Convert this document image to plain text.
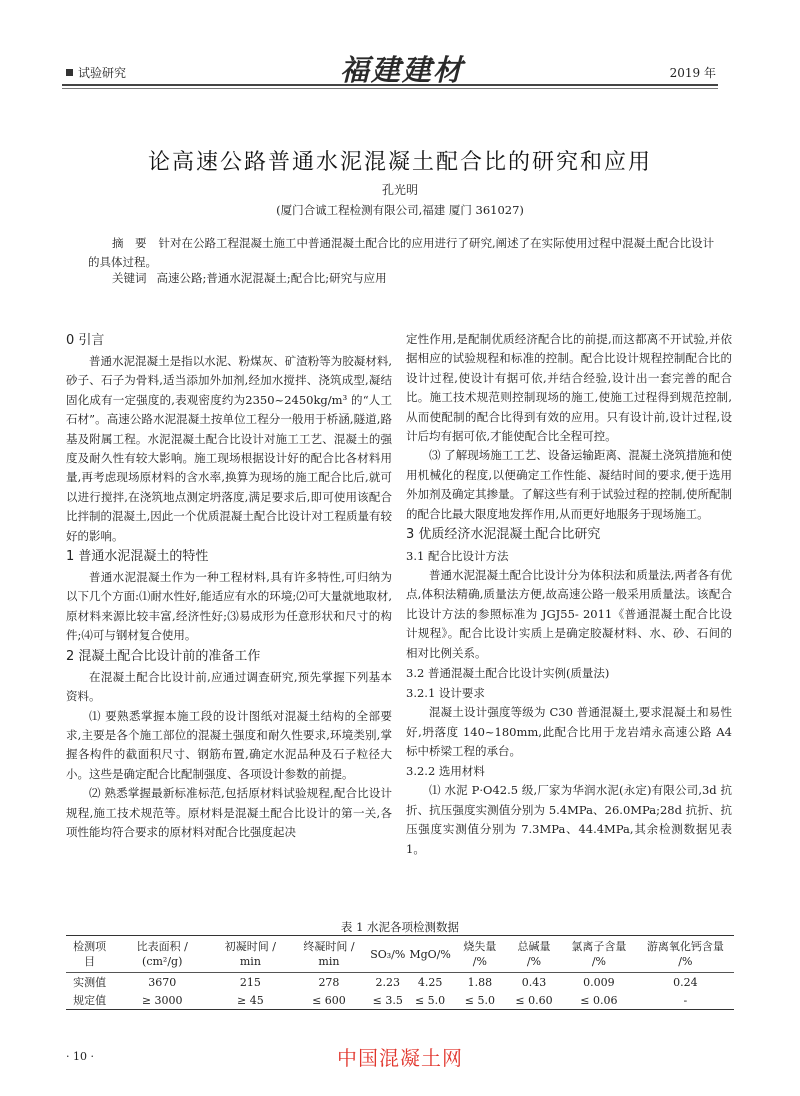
试验研究	福建建材	2019 年
论高速公路普通水泥混凝土配合比的研究和应用
孔光明
(厦门合诚工程检测有限公司,福建 厦门 361027)
摘　要 针对在公路工程混凝土施工中普通混凝土配合比的应用进行了研究,阐述了在实际使用过程中混凝土配合比设计的具体过程。
关键词 高速公路;普通水泥混凝土;配合比;研究与应用
0 引言

普通水泥混凝土是指以水泥、粉煤灰、矿渣粉等为胶凝材料,砂子、石子为骨料,适当添加外加剂,经加水搅拌、浇筑成型,凝结固化成有一定强度的,表观密度约为2350~2450kg/m³ 的“人工石材”。高速公路水泥混凝土按单位工程分一般用于桥涵,隧道,路基及附属工程。水泥混凝土配合比设计对施工工艺、混凝土的强度及耐久性有较大影响。施工现场根据设计好的配合比各材料用量,再考虑现场原材料的含水率,换算为现场的施工配合比后,就可以进行搅拌,在浇筑地点测定坍落度,满足要求后,即可使用该配合比拌制的混凝土,因此一个优质混凝土配合比设计对工程质量有较好的影响。

1 普通水泥混凝土的特性

普通水泥混凝土作为一种工程材料,具有许多特性,可归纳为以下几个方面:⑴耐水性好,能适应有水的环境;⑵可大量就地取材,原材料来源比较丰富,经济性好;⑶易成形为任意形状和尺寸的构件;⑷可与钢材复合使用。

2 混凝土配合比设计前的准备工作

在混凝土配合比设计前,应通过调查研究,预先掌握下列基本资料。

⑴ 要熟悉掌握本施工段的设计图纸对混凝土结构的全部要求,主要是各个施工部位的混凝土强度和耐久性要求,环境类别,掌握各构件的截面积尺寸、钢筋布置,确定水泥品种及石子粒径大小。这些是确定配合比配制强度、各项设计参数的前提。

⑵ 熟悉掌握最新标准标范,包括原材料试验规程,配合比设计规程,施工技术规范等。原材料是混凝土配合比设计的第一关,各项性能均符合要求的原材料对配合比强度起决

定性作用,是配制优质经济配合比的前提,而这都离不开试验,并依据相应的试验规程和标准的控制。配合比设计规程控制配合比的设计过程,使设计有据可依,并结合经验,设计出一套完善的配合比。施工技术规范则控制现场的施工,使施工过程得到规范控制,从而使配制的配合比得到有效的应用。只有设计前,设计过程,设计后均有据可依,才能使配合比全程可控。

⑶ 了解现场施工工艺、设备运输距离、混凝土浇筑措施和使用机械化的程度,以便确定工作性能、凝结时间的要求,便于选用外加剂及确定其掺量。了解这些有利于试验过程的控制,使所配制的配合比最大限度地发挥作用,从而更好地服务于现场施工。

3 优质经济水泥混凝土配合比研究
3.1 配合比设计方法

普通水泥混凝土配合比设计分为体积法和质量法,两者各有优点,体积法精确,质量法方便,故高速公路一般采用质量法。该配合比设计方法的参照标准为 JGJ55- 2011《普通混凝土配合比设计规程》。配合比设计实质上是确定胶凝材料、水、砂、石间的相对比例关系。

3.2 普通混凝土配合比设计实例(质量法)
3.2.1 设计要求

混凝土设计强度等级为 C30 普通混凝土,要求混凝土和易性好,坍落度 140~180mm,此配合比用于龙岩靖永高速公路 A4 标中桥梁工程的承台。

3.2.2 选用材料

⑴ 水泥 P·O42.5 级,厂家为华润水泥(永定)有限公司,3d 抗折、抗压强度实测值分别为 5.4MPa、26.0MPa;28d 抗折、抗压强度实测值分别为 7.3MPa、44.4MPa,其余检测数据见表 1。

表 1 水泥各项检测数据
检测项目	比表面积 / (cm²/g)	初凝时间 / min	终凝时间 / min	SO₃/%	MgO/%	烧失量 /%	总碱量 /%	氯离子含量 /%	游离氧化钙含量 /%
实测值	3670	215	278	2.23	4.25	1.88	0.43	0.009	0.24
规定值	≥ 3000	≥ 45	≤ 600	≤ 3.5	≤ 5.0	≤ 5.0	≤ 0.60	≤ 0.06	-
· 10 ·	中国混凝土网
